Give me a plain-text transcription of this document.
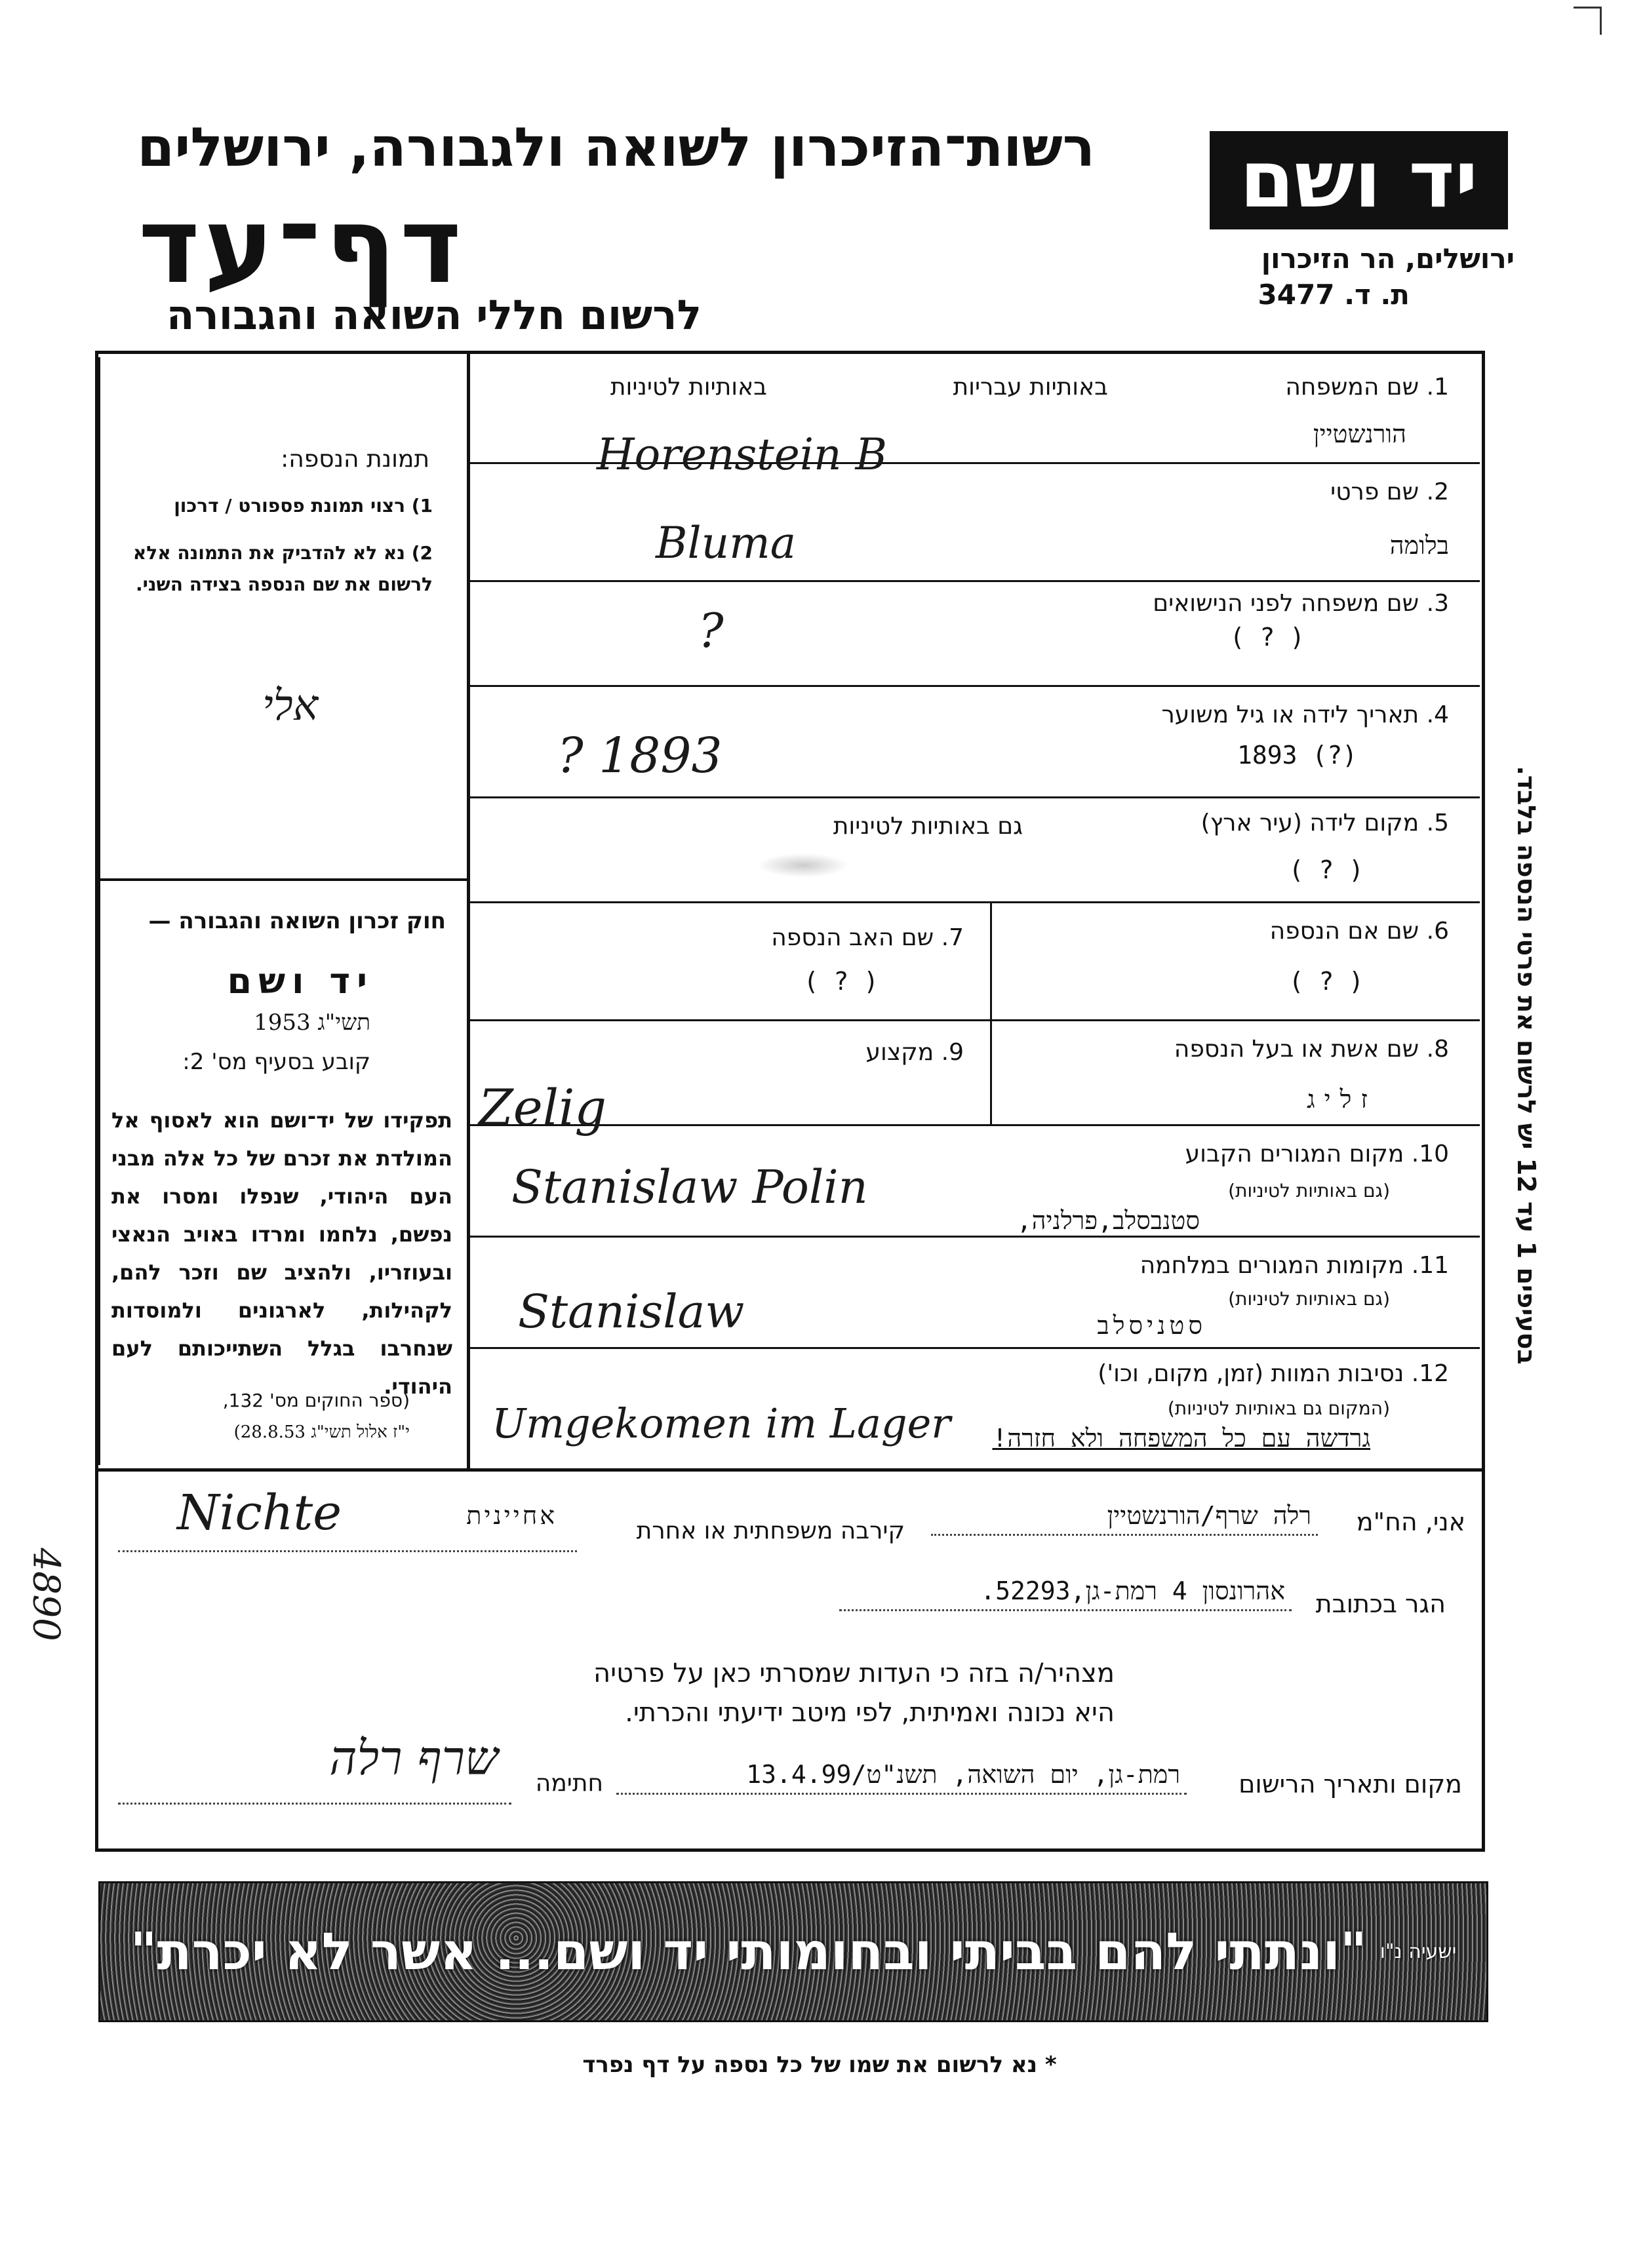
רשות־הזיכרון לשואה ולגבורה, ירושלים
דף־עד
לרשום חללי השואה והגבורה
יד ושם
ירושלים, הר הזיכרון
ת. ד. 3477
תמונת הנספה:
1) רצוי תמונת פספורט / דרכון
2) נא לא להדביק את התמונה אלא לרשום את שם הנספה בצידה השני.
אלי
חוק זכרון השואה והגבורה —
יד ושם
תשי"ג 1953
קובע בסעיף מס' 2:
תפקידו של יד־ושם הוא לאסוף אל המולדת את זכרם של כל אלה מבני העם היהודי, שנפלו ומסרו את נפשם, נלחמו ומרדו באויב הנאצי ובעוזריו, ולהציב שם וזכר להם, לקהילות, לארגונים ולמוסדות שנחרבו בגלל השתייכותם לעם היהודי.
(ספר החוקים מס' 132,
י"ז אלול תשי"ג 28.8.53)
1. שם המשפחה
באותיות עבריות
באותיות לטיניות
הורנשטיין
Horenstein B
2. שם פרטי
בלומה
Bluma
3. שם משפחה לפני הנישואים
( ? )
?
4. תאריך לידה או גיל משוער
(?) 1893
? 1893
5. מקום לידה (עיר ארץ)
גם באותיות לטיניות
( ? )
6. שם אם הנספה
( ? )
7. שם האב הנספה
( ? )
8. שם אשת או בעל הנספה
זליג
9. מקצוע
Zelig
10. מקום המגורים הקבוע
(גם באותיות לטיניות)
סטנבסלב,פרלניה,
Stanislaw Polin
11. מקומות המגורים במלחמה
(גם באותיות לטיניות)
סטניסלב
Stanislaw
12. נסיבות המוות (זמן, מקום, וכו')
(המקום גם באותיות לטיניות)
גרדשה עם כל המשפחה ולא חזרה!
Umgekomen im Lager
בסעיפים 1 עד 12 יש לרשום את פרטי הנספה בלבד.
4890
אני, הח"מ
רלה שרף/הורנשטיין
קירבה משפחתית או אחרת
אחיינית
Nichte
הגר בכתובת
אהרונסון 4 רמת-גן,52293.
מצהיר/ה בזה כי העדות שמסרתי כאן על פרטיה
היא נכונה ואמיתית, לפי מיטב ידיעתי והכרתי.
מקום ותאריך הרישום
רמת-גן, יום השואה, תשנ"ט/13.4.99
חתימה
שרף רלה
"ונתתי להם בביתי ובחומותי יד ושם... אשר לא יכרת" ישעיה נ"ו
* נא לרשום את שמו של כל נספה על דף נפרד
